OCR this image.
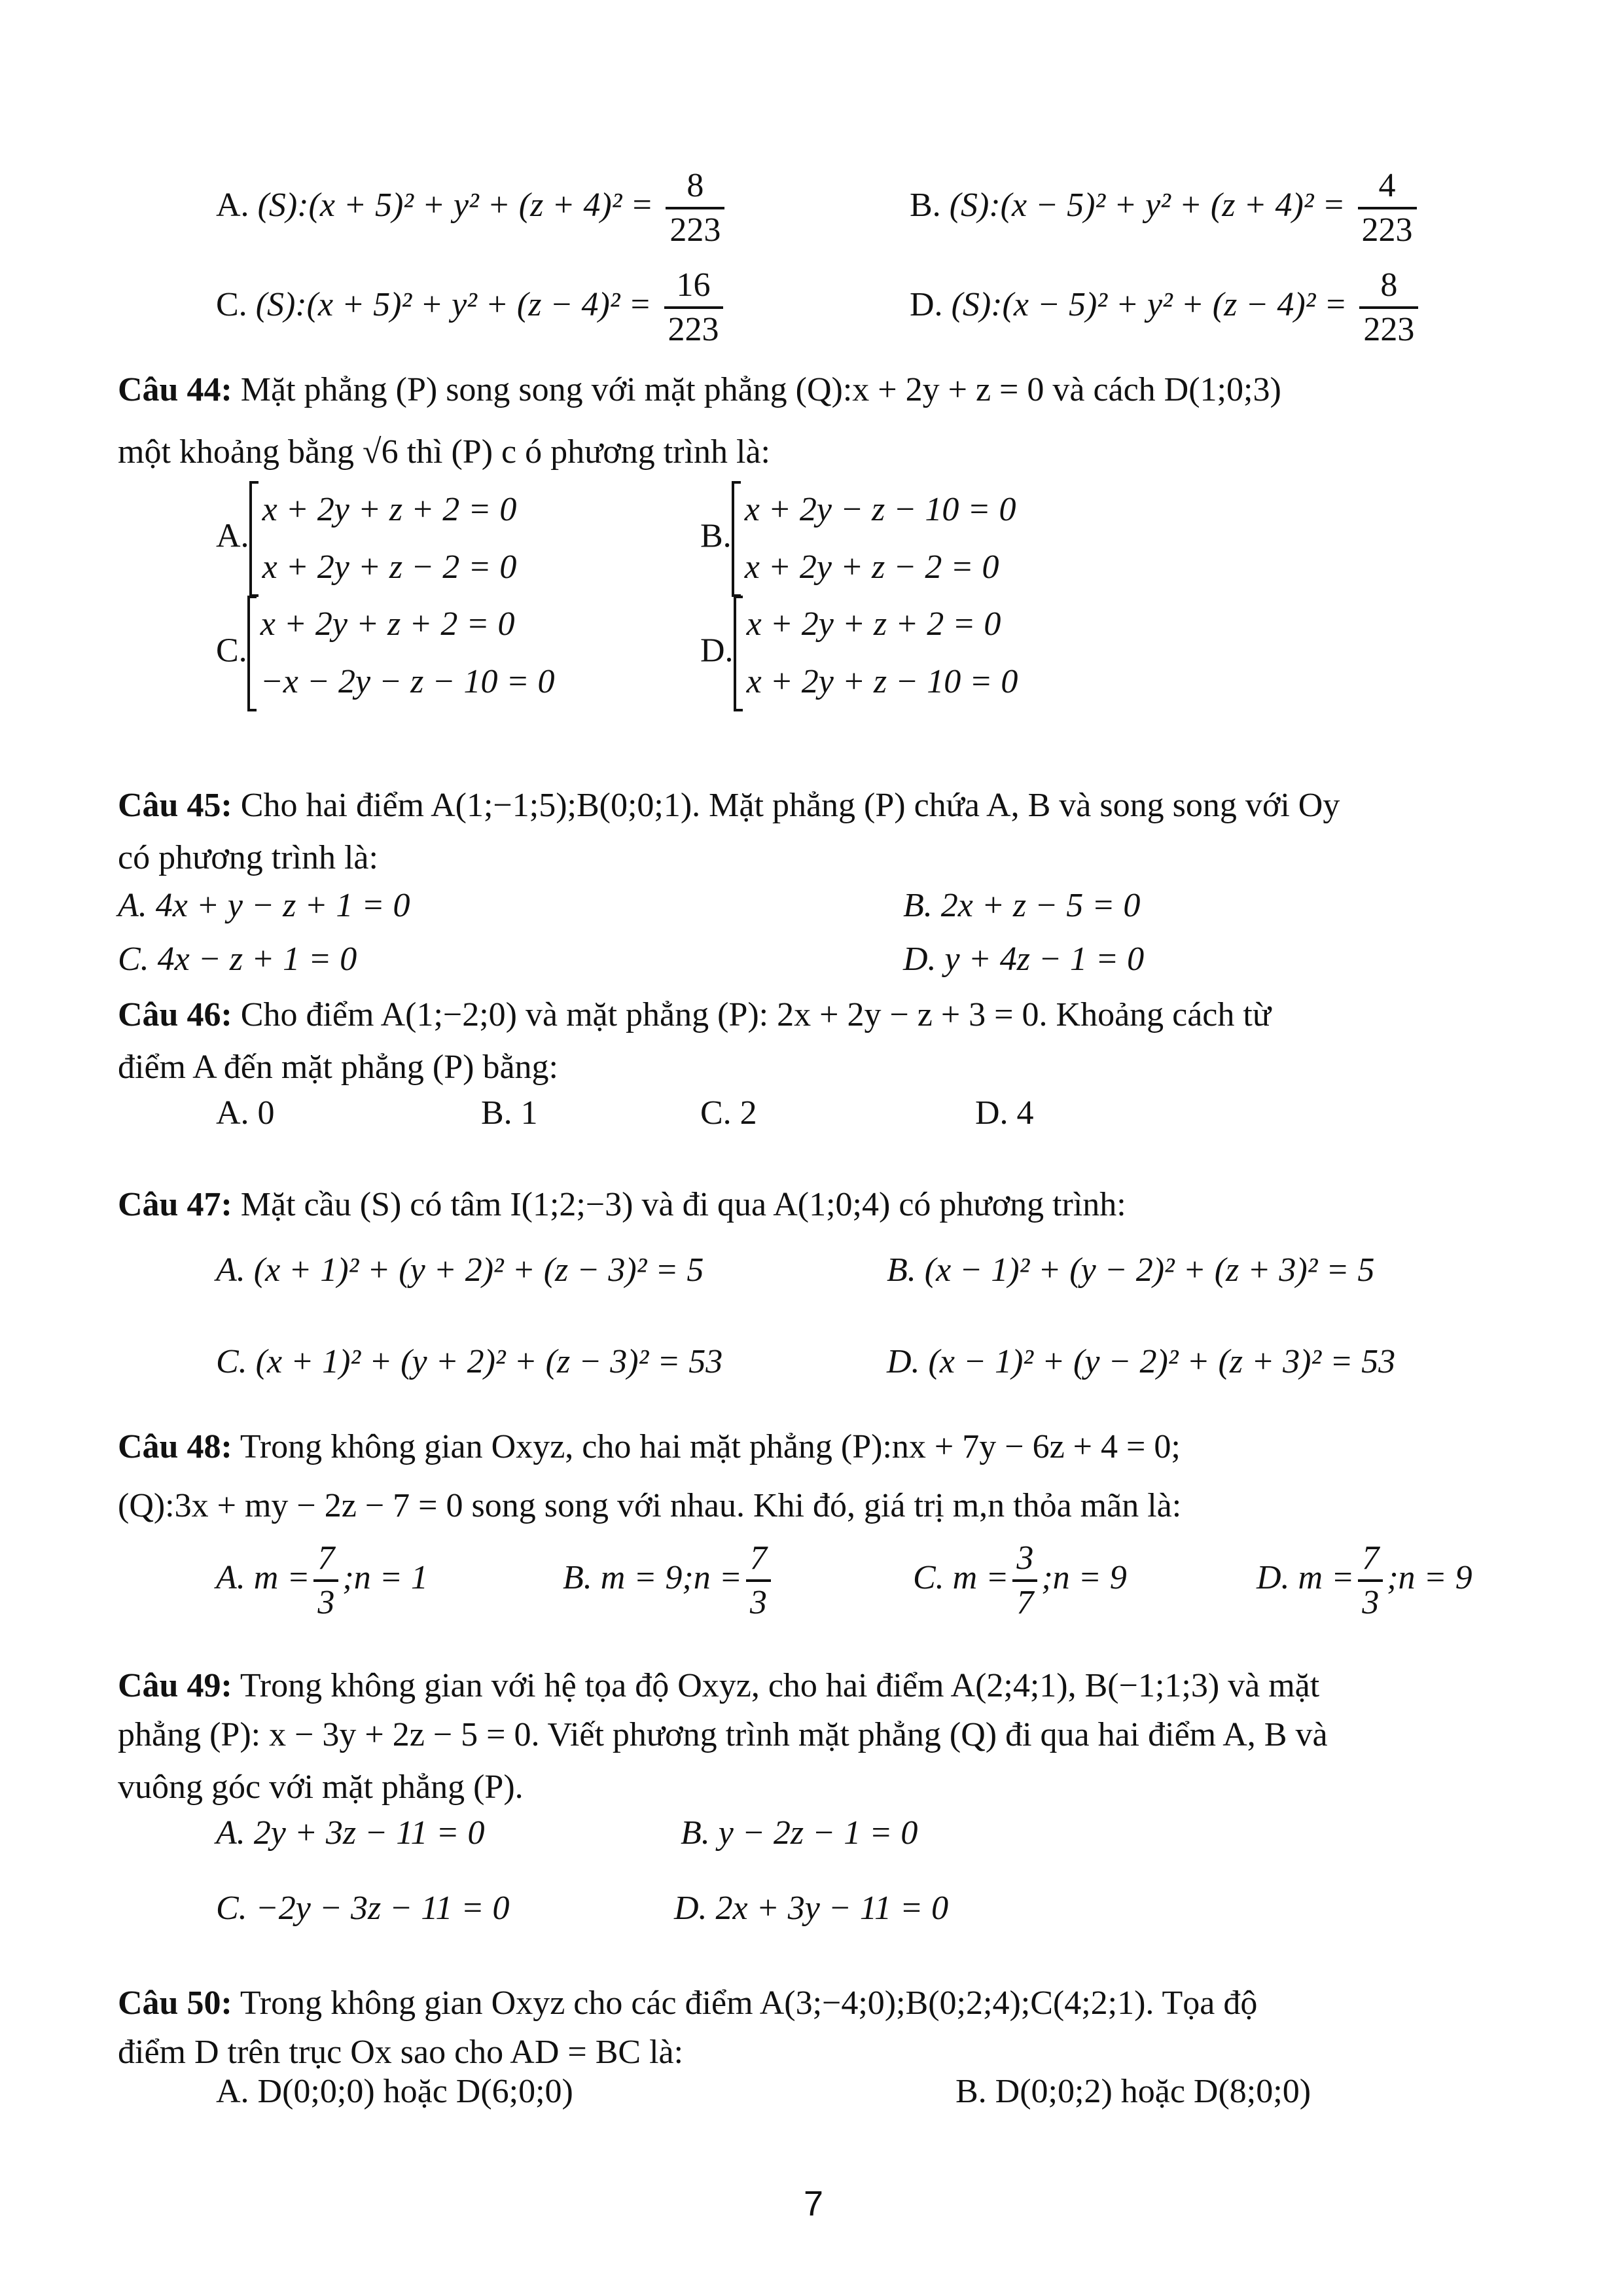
A. (S):(x + $5)^2 + y^2 + (z + 4)^2 = \frac{8}{223}$	B. (S):(x − $5)^2 + y^2 + (z + 4)^2 = \frac{4}{223}$
C. (S):(x + $5)^2 + y^2 + (z - 4)^2 = \frac{16}{223}$	D. (S):(x − $5)^2 + y^2 + (z - 4)^2 = \frac{8}{223}$
Câu 44: Mặt phẳng (P) song song với mặt phẳng (Q):x + 2y + z = 0 và cách D(1;0;3)
một khoảng bằng √6 thì (P) c ó phương trình là:
A.
x + 2y + z + 2 = 0
x + 2y + z − 2 = 0
B.
x + 2y − z − 10 = 0
x + 2y + z − 2 = 0
C.
x + 2y + z + 2 = 0
−x − 2y − z − 10 = 0
D.
x + 2y + z + 2 = 0
x + 2y + z − 10 = 0
Câu 45: Cho hai điểm A(1;−1;5);B(0;0;1). Mặt phẳng (P) chứa A, B và song song với Oy
có phương trình là:
A. 4x + y − z + 1 = 0	B. 2x + z − 5 = 0
C. 4x − z + 1 = 0	D. y + 4z − 1 = 0
Câu 46: Cho điểm A(1;−2;0) và mặt phẳng (P): 2x + 2y − z + 3 = 0. Khoảng cách từ
điểm A đến mặt phẳng (P) bằng:
A. 0	B. 1	C. 2	D. 4
Câu 47: Mặt cầu (S) có tâm I(1;2;−3) và đi qua A(1;0;4) có phương trình:
A. (x + 1)² + (y + 2)² + (z − 3)² = 5	B. (x − 1)² + (y − 2)² + (z + 3)² = 5
C. (x + 1)² + (y + 2)² + (z − 3)² = 53	D. (x − 1)² + (y − 2)² + (z + 3)² = 53
Câu 48: Trong không gian Oxyz, cho hai mặt phẳng (P):nx + 7y − 6z + 4 = 0;
(Q):3x + my − 2z − 7 = 0 song song với nhau. Khi đó, giá trị m,n thỏa mãn là:
A. $m = \frac{7}{3}$ ;n = 1	B. m = 9;n = $\frac{7}{3}$	C. $m = \frac{3}{7}$ ;n = 9	D. $m = \frac{7}{3}$ ;n = 9
Câu 49: Trong không gian với hệ tọa độ Oxyz, cho hai điểm A(2;4;1), B(−1;1;3) và mặt
phẳng (P): x − 3y + 2z − 5 = 0. Viết phương trình mặt phẳng (Q) đi qua hai điểm A, B và
vuông góc với mặt phẳng (P).
A. 2y + 3z − 11 = 0	B. y − 2z − 1 = 0
C. −2y − 3z − 11 = 0	D. 2x + 3y − 11 = 0
Câu 50: Trong không gian Oxyz cho các điểm A(3;−4;0);B(0;2;4);C(4;2;1). Tọa độ
điểm D trên trục Ox sao cho AD = BC là:
A. D(0;0;0) hoặc D(6;0;0)	B. D(0;0;2) hoặc D(8;0;0)
7
